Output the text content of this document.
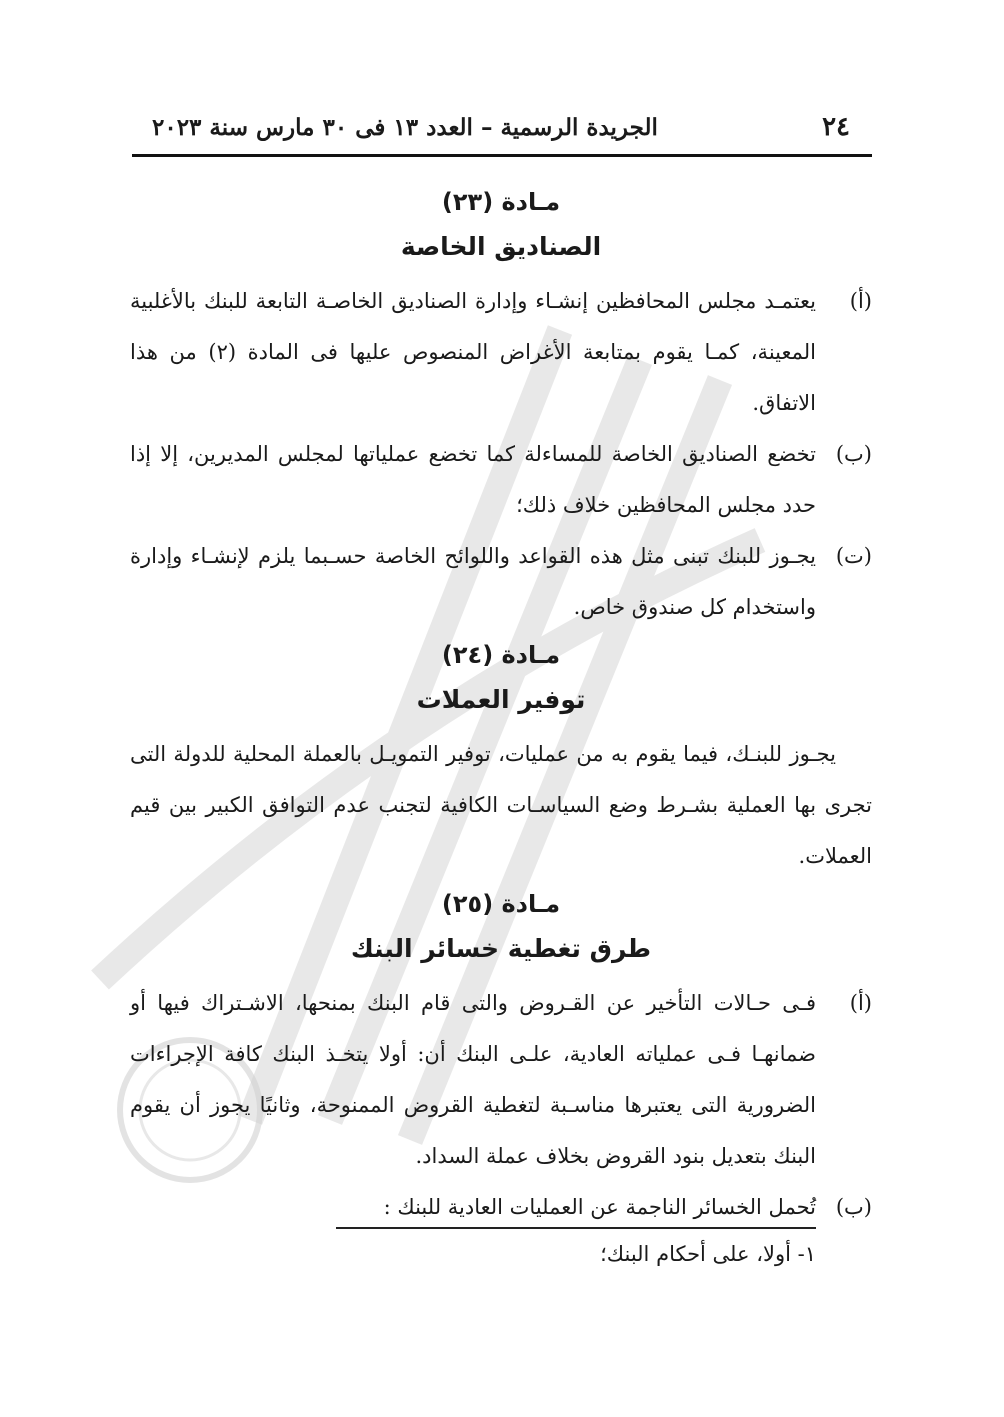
٢٤
الجريدة الرسمية – العدد ١٣ فى ٣٠ مارس سنة ٢٠٢٣
مـادة (٢٣)
الصناديق الخاصة
(أ)
يعتمـد مجلس المحافظين إنشـاء وإدارة الصناديق الخاصـة التابعة للبنك بالأغلبية المعينة، كمـا يقوم بمتابعة الأغراض المنصوص عليها فى المادة (٢) من هذا الاتفاق.
(ب)
تخضع الصناديق الخاصة للمساءلة كما تخضع عملياتها لمجلس المديرين، إلا إذا حدد مجلس المحافظين خلاف ذلك؛
(ت)
يجـوز للبنك تبنى مثل هذه القواعد واللوائح الخاصة حسـبما يلزم لإنشـاء وإدارة واستخدام كل صندوق خاص.
مـادة (٢٤)
توفير العملات

يجـوز للبنـك، فيما يقوم به من عمليات، توفير التمويـل بالعملة المحلية للدولة التى تجرى بها العملية بشـرط وضع السياسـات الكافية لتجنب عدم التوافق الكبير بين قيم العملات.

مـادة (٢٥)
طرق تغطية خسائر البنك
(أ)
فـى حـالات التأخير عن القـروض والتى قام البنك بمنحها، الاشـتراك فيها أو ضمانهـا فـى عملياته العادية، علـى البنك أن: أولا يتخـذ البنك كافة الإجراءات الضرورية التى يعتبرها مناسـبة لتغطية القروض الممنوحة، وثانيًا يجوز أن يقوم البنك بتعديل بنود القروض بخلاف عملة السداد.
(ب)
تُحمل الخسائر الناجمة عن العمليات العادية للبنك :
١- أولا، على أحكام البنك؛
